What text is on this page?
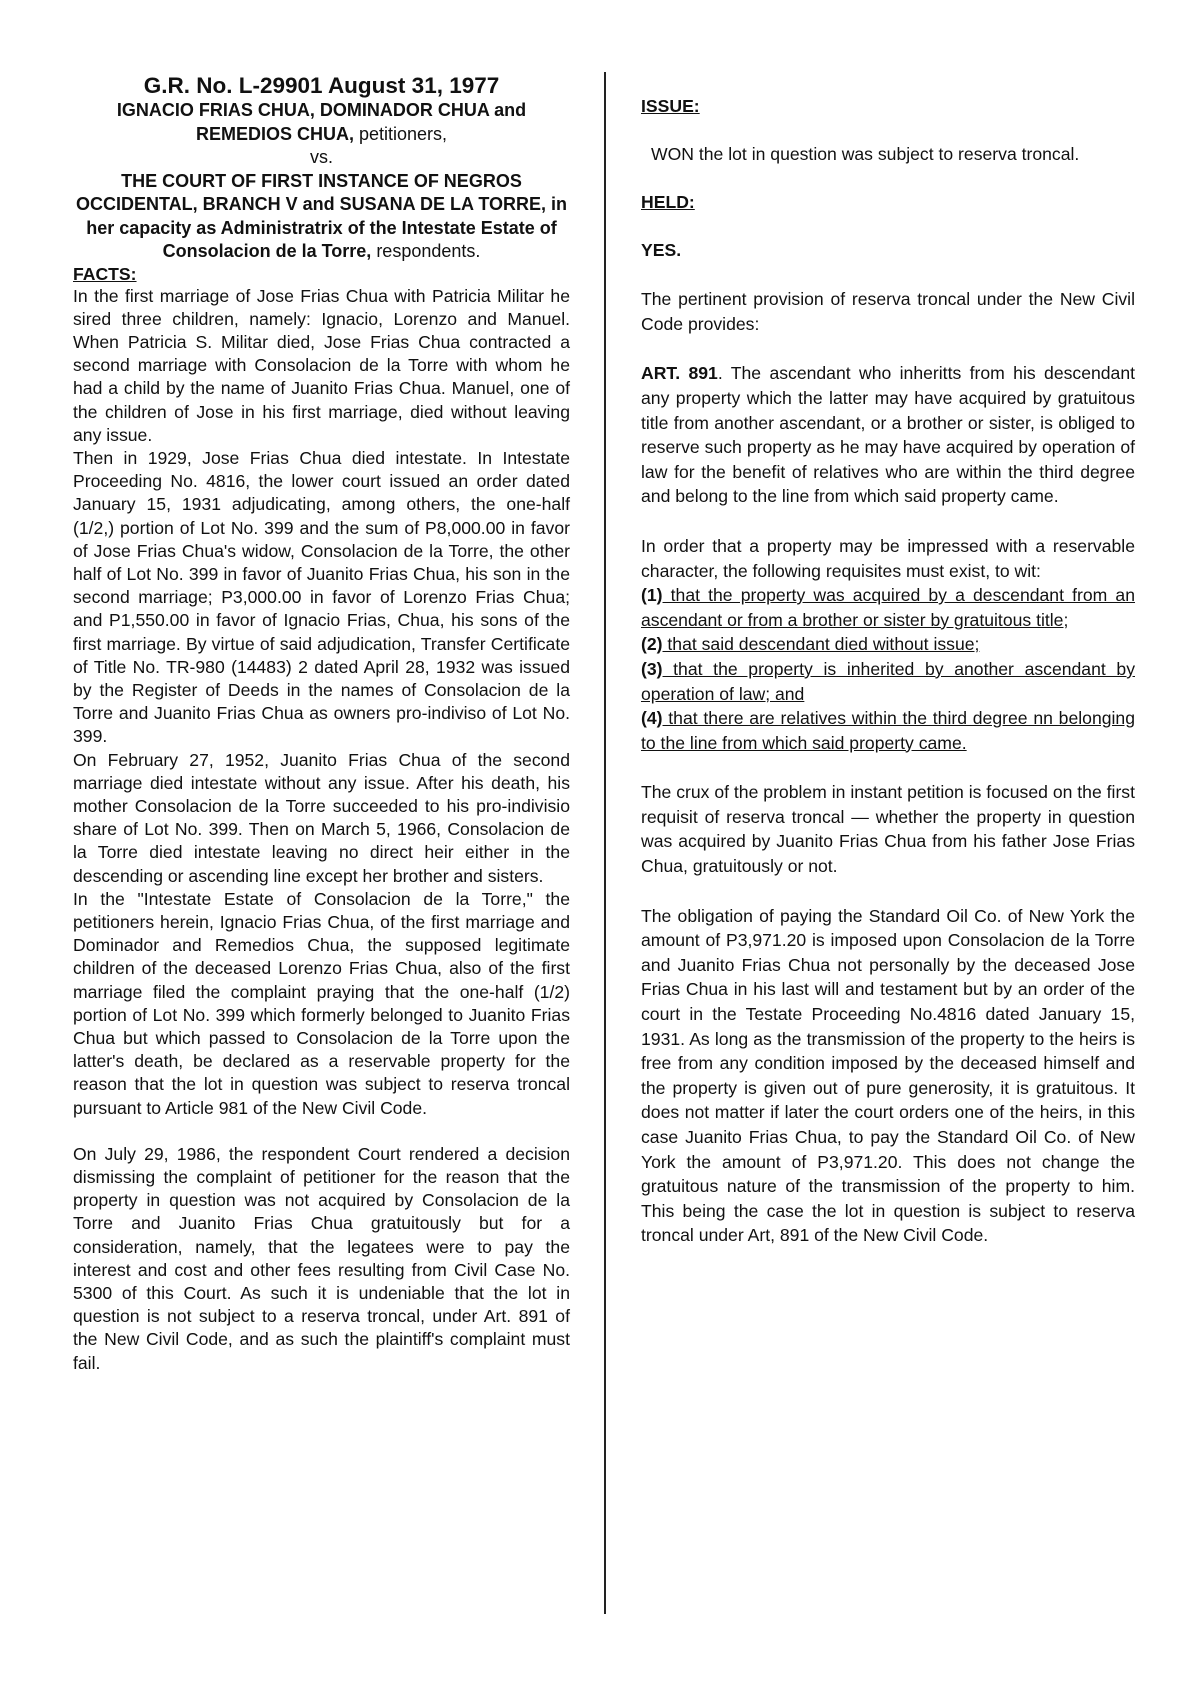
G.R. No. L-29901 August 31, 1977
IGNACIO FRIAS CHUA, DOMINADOR CHUA and REMEDIOS CHUA, petitioners,
vs.
THE COURT OF FIRST INSTANCE OF NEGROS OCCIDENTAL, BRANCH V and SUSANA DE LA TORRE, in her capacity as Administratrix of the Intestate Estate of Consolacion de la Torre, respondents.
FACTS:

In the first marriage of Jose Frias Chua with Patricia Militar he sired three children, namely: Ignacio, Lorenzo and Manuel. When Patricia S. Militar died, Jose Frias Chua contracted a second marriage with Consolacion de la Torre with whom he had a child by the name of Juanito Frias Chua. Manuel, one of the children of Jose in his first marriage, died without leaving any issue.

Then in 1929, Jose Frias Chua died intestate. In Intestate Proceeding No. 4816, the lower court issued an order dated January 15, 1931 adjudicating, among others, the one-half (1/2,) portion of Lot No. 399 and the sum of P8,000.00 in favor of Jose Frias Chua's widow, Consolacion de la Torre, the other half of Lot No. 399 in favor of Juanito Frias Chua, his son in the second marriage; P3,000.00 in favor of Lorenzo Frias Chua; and P1,550.00 in favor of Ignacio Frias, Chua, his sons of the first marriage. By virtue of said adjudication, Transfer Certificate of Title No. TR-980 (14483) 2 dated April 28, 1932 was issued by the Register of Deeds in the names of Consolacion de la Torre and Juanito Frias Chua as owners pro-indiviso of Lot No. 399.

On February 27, 1952, Juanito Frias Chua of the second marriage died intestate without any issue. After his death, his mother Consolacion de la Torre succeeded to his pro-indivisio share of Lot No. 399. Then on March 5, 1966, Consolacion de la Torre died intestate leaving no direct heir either in the descending or ascending line except her brother and sisters.

In the "Intestate Estate of Consolacion de la Torre," the petitioners herein, Ignacio Frias Chua, of the first marriage and Dominador and Remedios Chua, the supposed legitimate children of the deceased Lorenzo Frias Chua, also of the first marriage filed the complaint praying that the one-half (1/2) portion of Lot No. 399 which formerly belonged to Juanito Frias Chua but which passed to Consolacion de la Torre upon the latter's death, be declared as a reservable property for the reason that the lot in question was subject to reserva troncal pursuant to Article 981 of the New Civil Code.

On July 29, 1986, the respondent Court rendered a decision dismissing the complaint of petitioner for the reason that the property in question was not acquired by Consolacion de la Torre and Juanito Frias Chua gratuitously but for a consideration, namely, that the legatees were to pay the interest and cost and other fees resulting from Civil Case No. 5300 of this Court. As such it is undeniable that the lot in question is not subject to a reserva troncal, under Art. 891 of the New Civil Code, and as such the plaintiff's complaint must fail.

ISSUE:

WON the lot in question was subject to reserva troncal.

HELD:

YES.

The pertinent provision of reserva troncal under the New Civil Code provides:

ART. 891. The ascendant who inheritts from his descendant any property which the latter may have acquired by gratuitous title from another ascendant, or a brother or sister, is obliged to reserve such property as he may have acquired by operation of law for the benefit of relatives who are within the third degree and belong to the line from which said property came.

In order that a property may be impressed with a reservable character, the following requisites must exist, to wit:

(1) that the property was acquired by a descendant from an ascendant or from a brother or sister by gratuitous title;

(2) that said descendant died without issue;

(3) that the property is inherited by another ascendant by operation of law; and

(4) that there are relatives within the third degree nn belonging to the line from which said property came.

The crux of the problem in instant petition is focused on the first requisit of reserva troncal — whether the property in question was acquired by Juanito Frias Chua from his father Jose Frias Chua, gratuitously or not.

The obligation of paying the Standard Oil Co. of New York the amount of P3,971.20 is imposed upon Consolacion de la Torre and Juanito Frias Chua not personally by the deceased Jose Frias Chua in his last will and testament but by an order of the court in the Testate Proceeding No.4816 dated January 15, 1931. As long as the transmission of the property to the heirs is free from any condition imposed by the deceased himself and the property is given out of pure generosity, it is gratuitous. It does not matter if later the court orders one of the heirs, in this case Juanito Frias Chua, to pay the Standard Oil Co. of New York the amount of P3,971.20. This does not change the gratuitous nature of the transmission of the property to him. This being the case the lot in question is subject to reserva troncal under Art, 891 of the New Civil Code.
